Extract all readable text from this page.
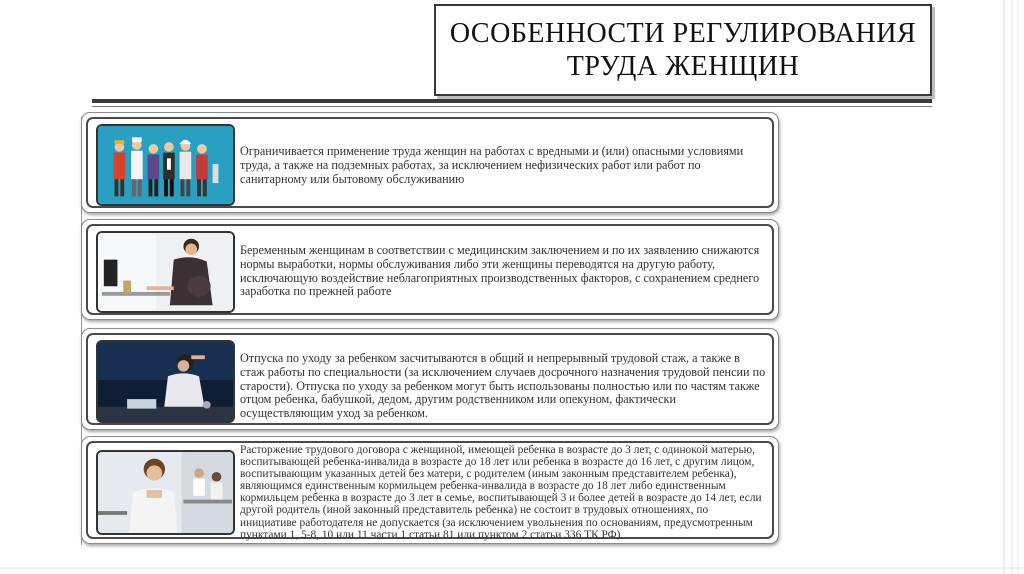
ОСОБЕННОСТИ РЕГУЛИРОВАНИЯ
ТРУДА ЖЕНЩИН

Ограничивается применение труда женщин на работах с вредными и (или) опасными условиями труда, а также на подземных работах, за исключением нефизических работ или работ по санитарному или бытовому обслуживанию

Беременным женщинам в соответствии с медицинским заключением и по их заявлению снижаются нормы выработки, нормы обслуживания либо эти женщины переводятся на другую работу, исключающую воздействие неблагоприятных производственных факторов, с сохранением среднего заработка по прежней работе

Отпуска по уходу за ребенком засчитываются в общий и непрерывный трудовой стаж, а также в стаж работы по специальности (за исключением случаев досрочного назначения трудовой пенсии по старости). Отпуска по уходу за ребенком могут быть использованы полностью или по частям также отцом ребенка, бабушкой, дедом, другим родственником или опекуном, фактически осуществляющим уход за ребенком.

Расторжение трудового договора с женщиной, имеющей ребенка в возрасте до 3 лет, с одинокой матерью, воспитывающей ребенка-инвалида в возрасте до 18 лет или ребенка в возрасте до 16 лет, с другим лицом, воспитывающим указанных детей без матери, с родителем (иным законным представителем ребенка), являющимся единственным кормильцем ребенка-инвалида в возрасте до 18 лет либо единственным кормильцем ребенка в возрасте до 3 лет в семье, воспитывающей 3 и более детей в возрасте до 14 лет, если другой родитель (иной законный представитель ребенка) не состоит в трудовых отношениях, по инициативе работодателя не допускается (за исключением увольнения по основаниям, предусмотренным пунктами 1, 5-8, 10 или 11 части 1 статьи 81 или пунктом 2 статьи 336 ТК РФ)
